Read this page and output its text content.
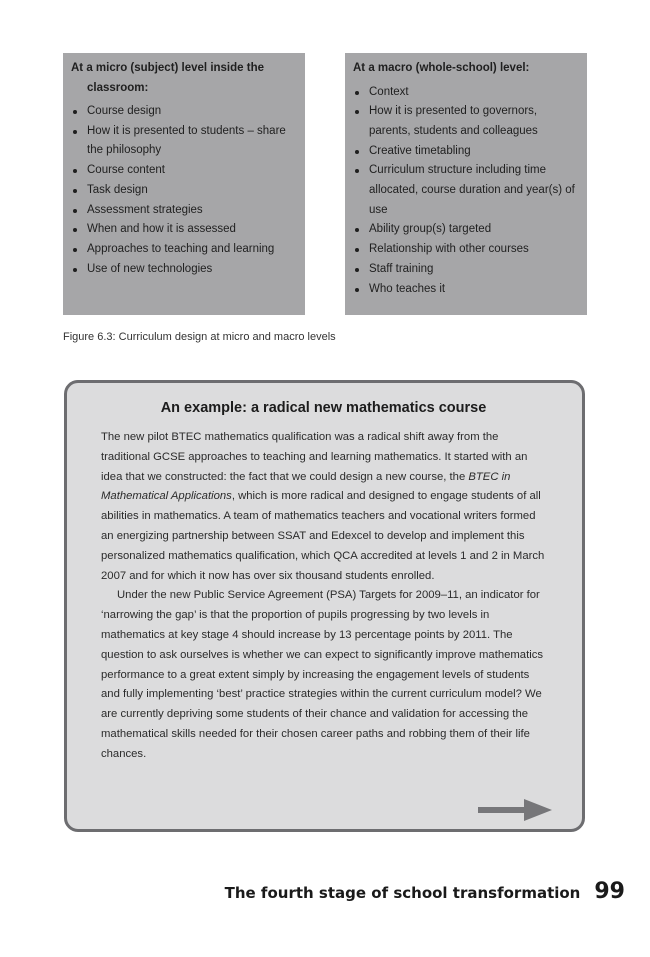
At a micro (subject) level inside the
classroom:
Course design
How it is presented to students – share the philosophy
Course content
Task design
Assessment strategies
When and how it is assessed
Approaches to teaching and learning
Use of new technologies
At a macro (whole-school) level:
Context
How it is presented to governors, parents, students and colleagues
Creative timetabling
Curriculum structure including time allocated, course duration and year(s) of use
Ability group(s) targeted
Relationship with other courses
Staff training
Who teaches it
Figure 6.3: Curriculum design at micro and macro levels
An example: a radical new mathematics course

The new pilot BTEC mathematics qualification was a radical shift away from the traditional GCSE approaches to teaching and learning mathematics. It started with an idea that we constructed: the fact that we could design a new course, the BTEC in Mathematical Applications, which is more radical and designed to engage students of all abilities in mathematics. A team of mathematics teachers and vocational writers formed an energizing partnership between SSAT and Edexcel to develop and implement this personalized mathematics qualification, which QCA accredited at levels 1 and 2 in March 2007 and for which it now has over six thousand students enrolled.

Under the new Public Service Agreement (PSA) Targets for 2009–11, an indicator for ‘narrowing the gap’ is that the proportion of pupils progressing by two levels in mathematics at key stage 4 should increase by 13 percentage points by 2011. The question to ask ourselves is whether we can expect to significantly improve mathematics performance to a great extent simply by increasing the engagement levels of students and fully implementing ‘best’ practice strategies within the current curriculum model? We are currently depriving some students of their chance and validation for accessing the mathematical skills needed for their chosen career paths and robbing them of their life chances.

The fourth stage of school transformation 99
